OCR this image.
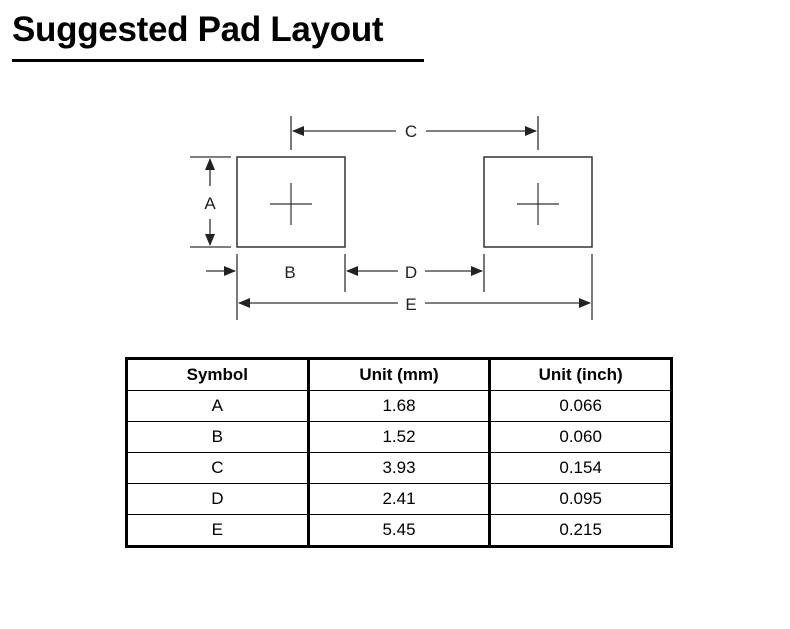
Suggested Pad Layout
C
A
B	D
E
Symbol	Unit (mm)	Unit (inch)
A	1.68	0.066
B	1.52	0.060
C	3.93	0.154
D	2.41	0.095
E	5.45	0.215
